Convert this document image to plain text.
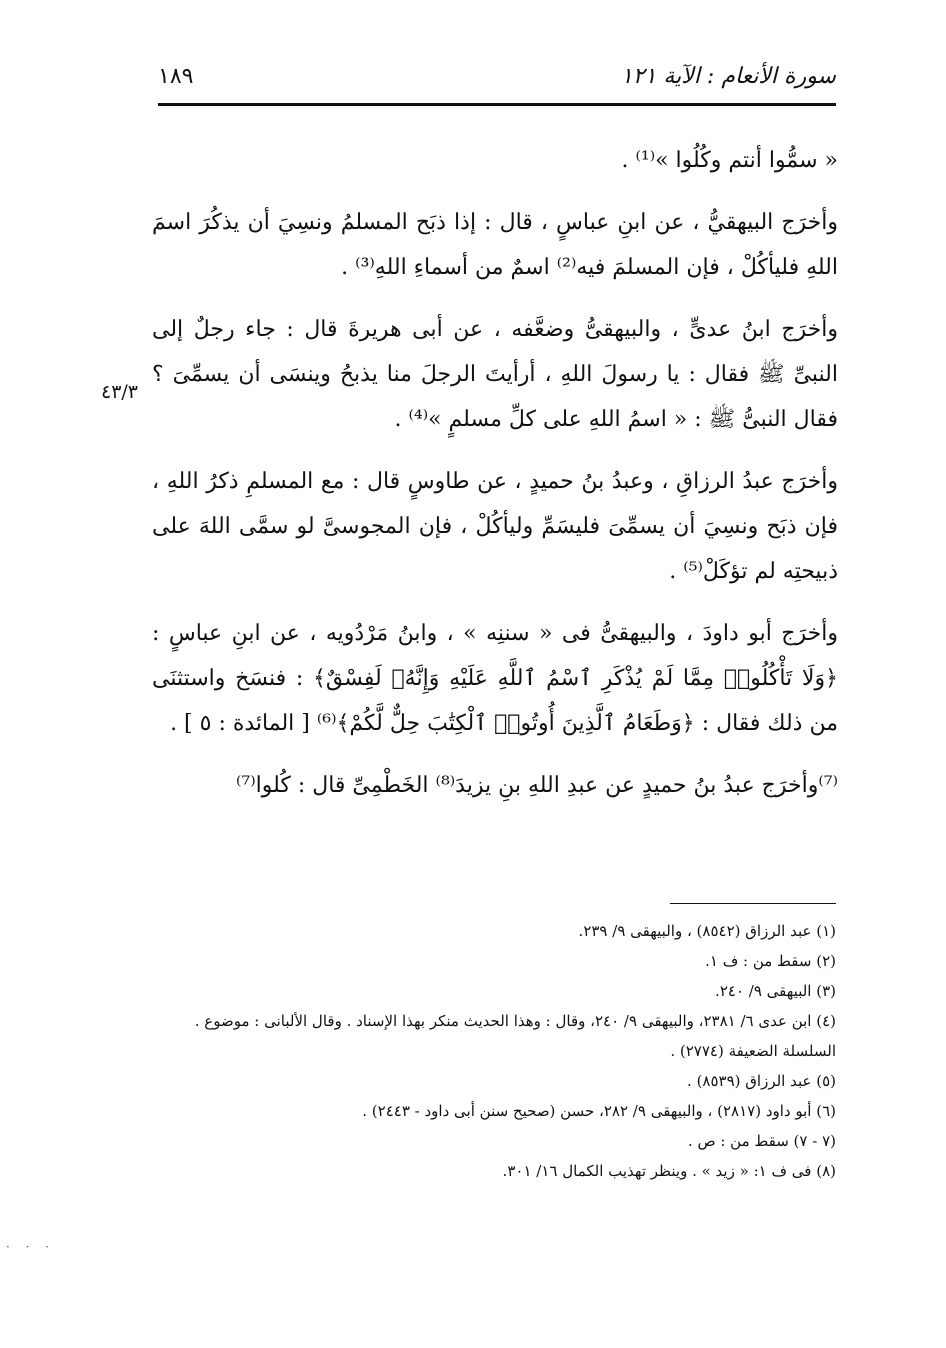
سورة الأنعام : الآية ١٢١
١٨٩
٤٣/٣

« سمُّوا أنتم وكُلُوا »⁽¹⁾ .

وأخرَج البيهقيُّ ، عن ابنِ عباسٍ ، قال : إذا ذبَح المسلمُ ونسِيَ أن يذكُرَ اسمَ اللهِ فليأكُلْ ، فإن المسلمَ فيه⁽²⁾ اسمٌ من أسماءِ اللهِ⁽³⁾ .

وأخرَج ابنُ عدىٍّ ، والبيهقىُّ وضعَّفه ، عن أبى هريرةَ قال : جاء رجلٌ إلى النبىِّ ﷺ فقال : يا رسولَ اللهِ ، أرأيتَ الرجلَ منا يذبحُ وينسَى أن يسمِّىَ ؟ فقال النبىُّ ﷺ : « اسمُ اللهِ على كلِّ مسلمٍ »⁽⁴⁾ .

وأخرَج عبدُ الرزاقِ ، وعبدُ بنُ حميدٍ ، عن طاوسٍ قال : مع المسلمِ ذكرُ اللهِ ، فإن ذبَح ونسِيَ أن يسمِّىَ فليسَمِّ وليأكُلْ ، فإن المجوسىَّ لو سمَّى اللهَ على ذبيحتِه لم تؤكَلْ⁽⁵⁾ .

وأخرَج أبو داودَ ، والبيهقىُّ فى « سننِه » ، وابنُ مَرْدُويه ، عن ابنِ عباسٍ : ﴿وَلَا تَأْكُلُوا۟ مِمَّا لَمْ يُذْكَرِ ٱسْمُ ٱللَّهِ عَلَيْهِ وَإِنَّهُۥ لَفِسْقٌ﴾ : فنسَخ واستثنَى من ذلك فقال : ﴿وَطَعَامُ ٱلَّذِينَ أُوتُوا۟ ٱلْكِتَٰبَ حِلٌّ لَّكُمْ﴾⁽⁶⁾ [ المائدة : ٥ ] .

⁽⁷⁾وأخرَج عبدُ بنُ حميدٍ عن عبدِ اللهِ بنِ يزيدَ⁽⁸⁾ الخَطْمِىِّ قال : كُلوا⁽⁷⁾

(١) عبد الرزاق (٨٥٤٢) ، والبيهقى ٩/ ٢٣٩.

(٢) سقط من : ف ١.

(٣) البيهقى ٩/ ٢٤٠.

(٤) ابن عدى ٦/ ٢٣٨١، والبيهقى ٩/ ٢٤٠، وقال : وهذا الحديث منكر بهذا الإسناد . وقال الألبانى : موضوع . السلسلة الضعيفة (٢٧٧٤) .

(٥) عبد الرزاق (٨٥٣٩) .

(٦) أبو داود (٢٨١٧) ، والبيهقى ٩/ ٢٨٢، حسن (صحيح سنن أبى داود - ٢٤٤٣) .

(٧ - ٧) سقط من : ص .

(٨) فى ف ١: « زيد » . وينظر تهذيب الكمال ١٦/ ٣٠١.

· · ·
